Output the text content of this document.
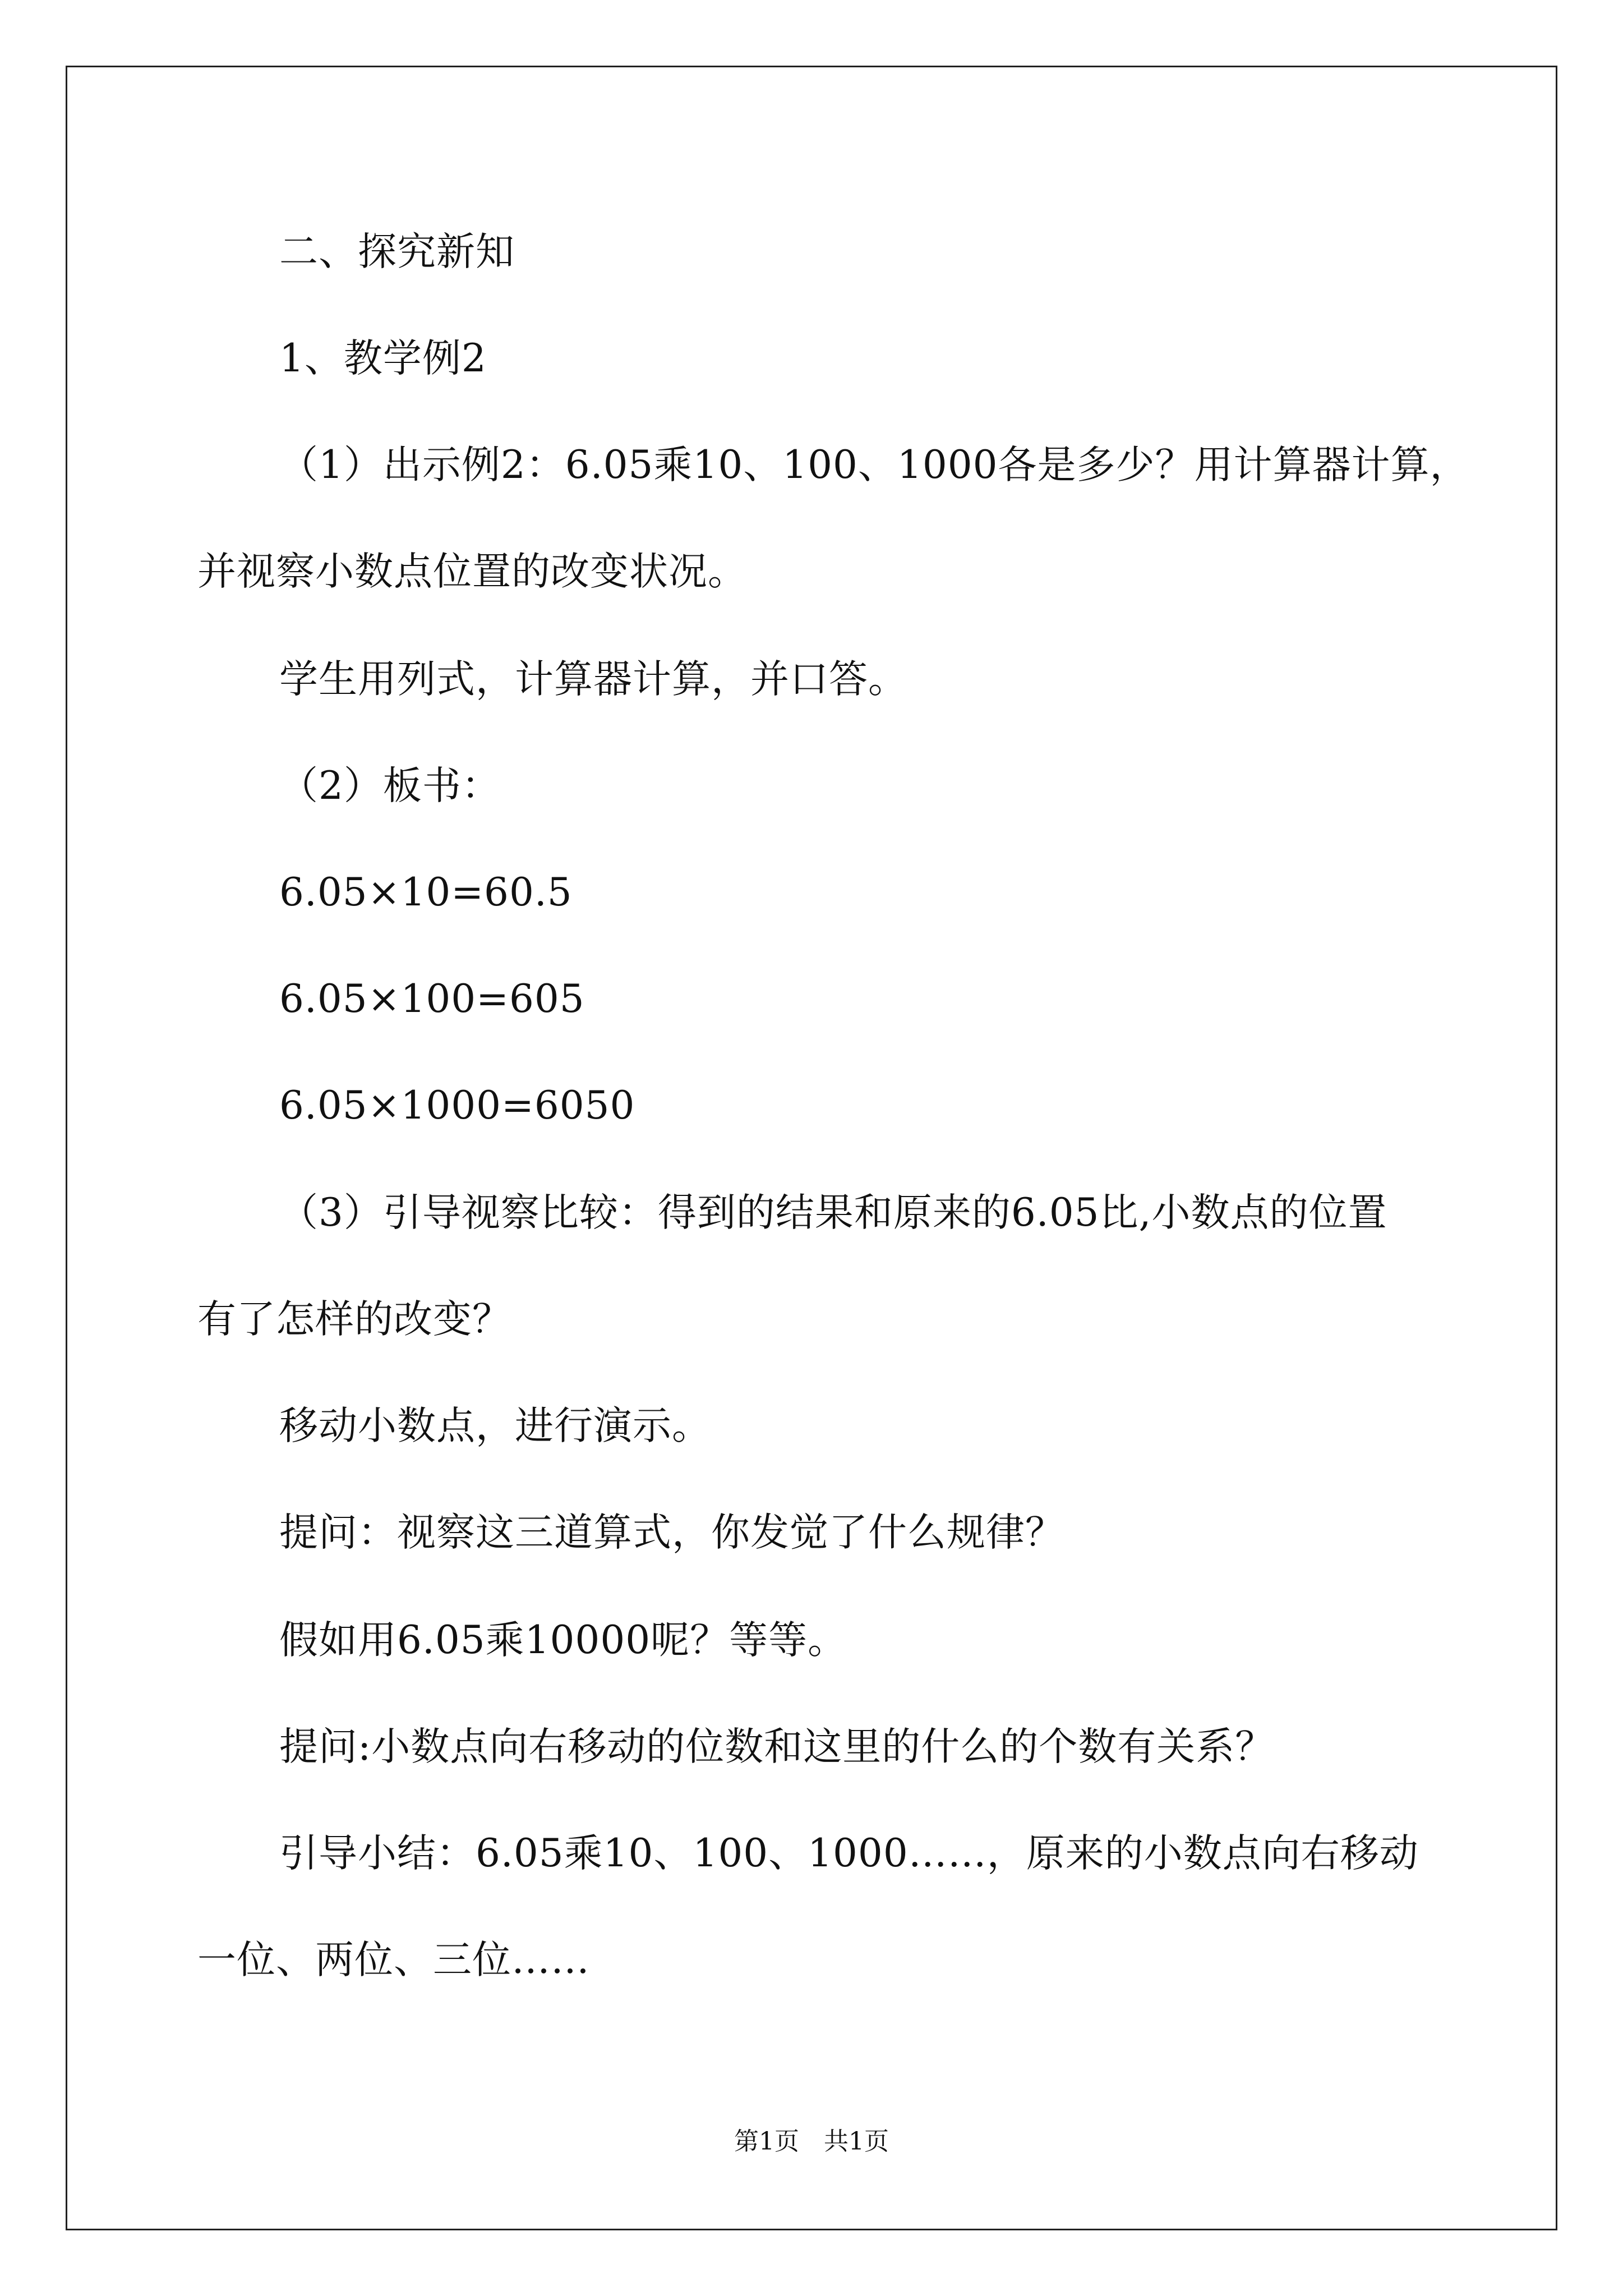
二、探究新知
1、教学例2
（1）出示例2：6.05乘10、100、1000各是多少？用计算器计算，
并视察小数点位置的改变状况。
学生用列式，计算器计算，并口答。
（2）板书：
6.05×10=60.5
6.05×100=605
6.05×1000=6050
（3）引导视察比较：得到的结果和原来的6.05比,小数点的位置
有了怎样的改变？
移动小数点，进行演示。
提问：视察这三道算式，你发觉了什么规律？
假如用6.05乘10000呢？等等。
提问:小数点向右移动的位数和这里的什么的个数有关系？
引导小结：6.05乘10、100、1000……，原来的小数点向右移动
一位、两位、三位……
第1页　共1页
